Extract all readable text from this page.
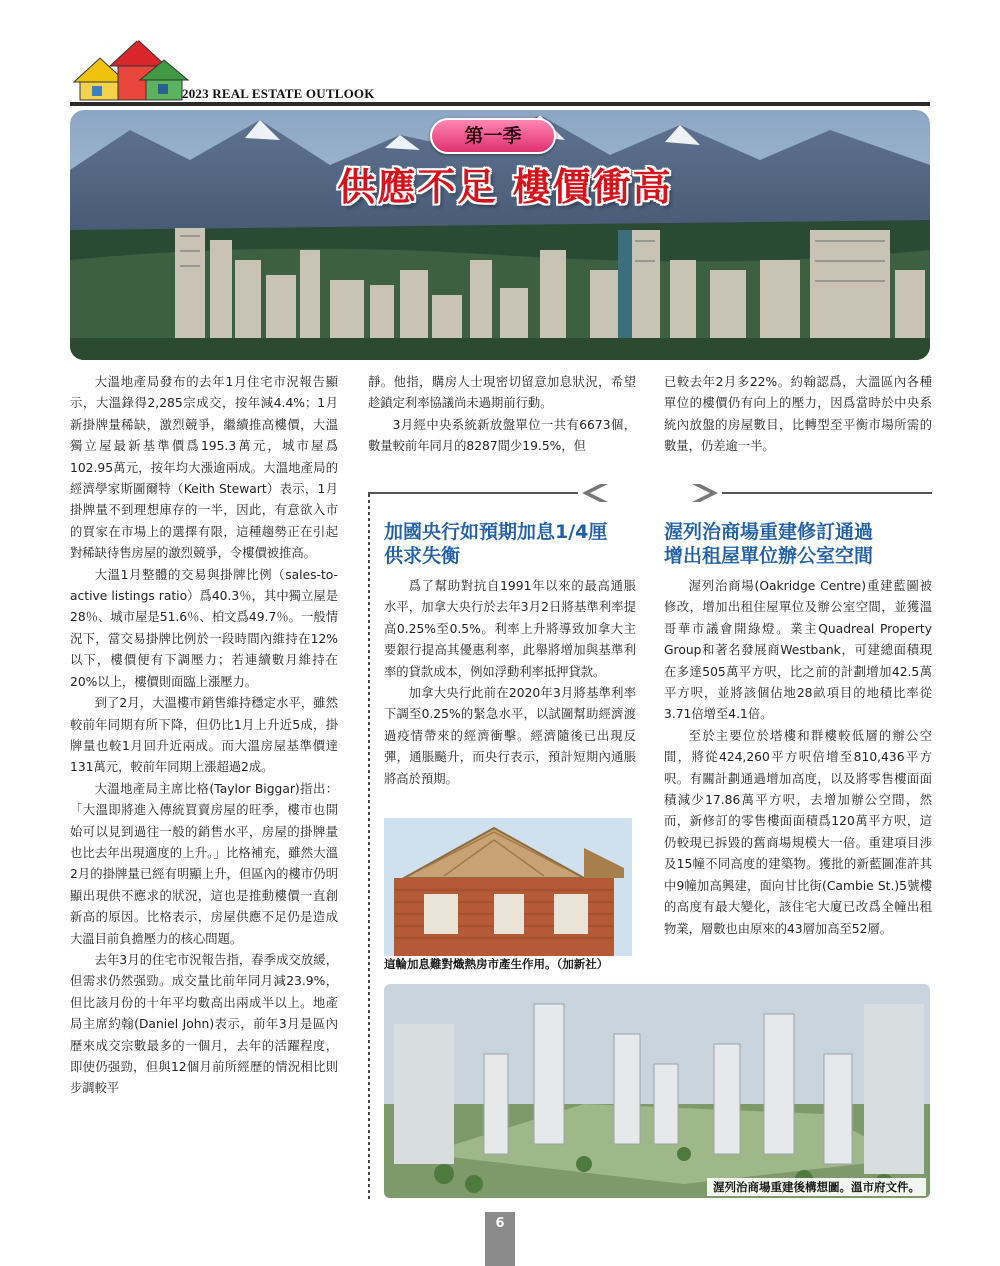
地產
展望
2023 REAL ESTATE OUTLOOK
第一季
供應不足 樓價衝高

大溫地產局發布的去年1月住宅市況報告顯示，大溫錄得2,285宗成交，按年減4.4%；1月新掛牌量稀缺，激烈競爭，繼續推高樓價，大溫獨立屋最新基準價爲195.3萬元，城市屋爲102.95萬元，按年均大漲逾兩成。大溫地產局的經濟學家斯圖爾特（Keith Stewart）表示，1月掛牌量不到理想庫存的一半，因此，有意欲入市的買家在市場上的選擇有限，這種趨勢正在引起對稀缺待售房屋的激烈競爭，令樓價被推高。

大溫1月整體的交易與掛牌比例（sales-to-active listings ratio）爲40.3％，其中獨立屋是28％、城市屋是51.6％、柏文爲49.7％。一般情況下，當交易掛牌比例於一段時間內維持在12%以下，樓價便有下調壓力；若連續數月維持在20%以上，樓價則面臨上漲壓力。

到了2月，大溫樓市銷售維持穩定水平，雖然較前年同期有所下降，但仍比1月上升近5成，掛牌量也較1月回升近兩成。而大溫房屋基準價達131萬元，較前年同期上漲超過2成。

大溫地產局主席比格(Taylor Biggar)指出：「大溫即將進入傳統買賣房屋的旺季，樓市也開始可以見到過往一般的銷售水平，房屋的掛牌量也比去年出現適度的上升。」比格補充，雖然大溫2月的掛牌量已經有明顯上升，但區內的樓市仍明顯出現供不應求的狀況，這也是推動樓價一直創新高的原因。比格表示，房屋供應不足仍是造成大溫目前負擔壓力的核心問題。

去年3月的住宅市況報告指，春季成交放緩，但需求仍然强勁。成交量比前年同月減23.9%，但比該月份的十年平均數高出兩成半以上。地產局主席約翰(Daniel John)表示，前年3月是區內歷來成交宗數最多的一個月，去年的活躍程度，即使仍强勁，但與12個月前所經歷的情況相比則步調較平

靜。他指，購房人士現密切留意加息狀況，希望趁鎖定利率協議尚未過期前行動。

3月經中央系統新放盤單位一共有6673個，數量較前年同月的8287間少19.5%，但

已較去年2月多22%。約翰認爲，大溫區內各種單位的樓價仍有向上的壓力，因爲當時於中央系統內放盤的房屋數目，比轉型至平衡市場所需的數量，仍差逾一半。
加國央行如預期加息1/4厘
供求失衡

爲了幫助對抗自1991年以來的最高通脹水平，加拿大央行於去年3月2日將基準利率提高0.25%至0.5%。利率上升將導致加拿大主要銀行提高其優惠利率，此舉將增加與基準利率的貸款成本，例如浮動利率抵押貸款。

加拿大央行此前在2020年3月將基準利率下調至0.25%的緊急水平，以試圖幫助經濟渡過疫情帶來的經濟衝擊。經濟隨後已出現反彈，通脹飈升，而央行表示，預計短期內通脹將高於預期。

這輪加息難對熾熱房市產生作用。（加新社）
渥列治商場重建修訂通過
增出租屋單位辦公室空間

渥列治商場(Oakridge Centre)重建藍圖被修改，增加出租住屋單位及辦公室空間，並獲溫哥華市議會開綠燈。業主Quadreal Property Group和著名發展商Westbank，可建總面積現在多達505萬平方呎，比之前的計劃增加42.5萬平方呎，並將該個佔地28畝項目的地積比率從3.71倍增至4.1倍。

至於主要位於塔樓和群樓較低層的辦公空間，將從424,260平方呎倍增至810,436平方呎。有關計劃通過增加高度，以及將零售樓面面積減少17.86萬平方呎，去增加辦公空間，然而，新修訂的零售樓面面積爲120萬平方呎，這仍較現已拆毀的舊商場規模大一倍。重建項目涉及15幢不同高度的建築物。獲批的新藍圖准許其中9幢加高興建，面向甘比街(Cambie St.)5號樓的高度有最大變化，該住宅大廈已改爲全幢出租物業，層數也由原來的43層加高至52層。

渥列治商場重建後構想圖。溫市府文件。
6
